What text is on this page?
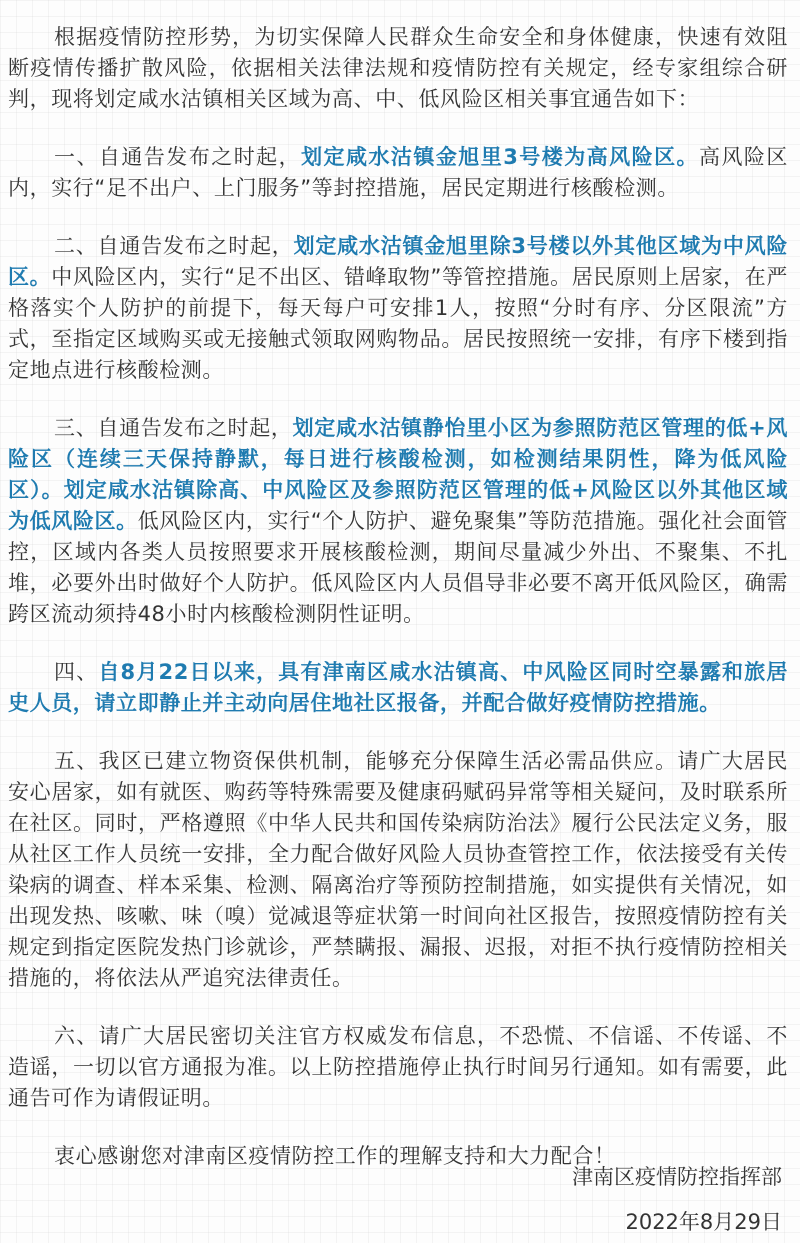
根据疫情防控形势，为切实保障人民群众生命安全和身体健康，快速有效阻断疫情传播扩散风险，依据相关法律法规和疫情防控有关规定，经专家组综合研判，现将划定咸水沽镇相关区域为高、中、低风险区相关事宜通告如下：

一、自通告发布之时起，划定咸水沽镇金旭里3号楼为高风险区。高风险区内，实行“足不出户、上门服务”等封控措施，居民定期进行核酸检测。

二、自通告发布之时起，划定咸水沽镇金旭里除3号楼以外其他区域为中风险区。中风险区内，实行“足不出区、错峰取物”等管控措施。居民原则上居家，在严格落实个人防护的前提下，每天每户可安排1人，按照“分时有序、分区限流”方式，至指定区域购买或无接触式领取网购物品。居民按照统一安排，有序下楼到指定地点进行核酸检测。

三、自通告发布之时起，划定咸水沽镇静怡里小区为参照防范区管理的低+风险区（连续三天保持静默，每日进行核酸检测，如检测结果阴性，降为低风险区）。划定咸水沽镇除高、中风险区及参照防范区管理的低+风险区以外其他区域为低风险区。低风险区内，实行“个人防护、避免聚集”等防范措施。强化社会面管控，区域内各类人员按照要求开展核酸检测，期间尽量减少外出、不聚集、不扎堆，必要外出时做好个人防护。低风险区内人员倡导非必要不离开低风险区，确需跨区流动须持48小时内核酸检测阴性证明。

四、自8月22日以来，具有津南区咸水沽镇高、中风险区同时空暴露和旅居史人员，请立即静止并主动向居住地社区报备，并配合做好疫情防控措施。

五、我区已建立物资保供机制，能够充分保障生活必需品供应。请广大居民安心居家，如有就医、购药等特殊需要及健康码赋码异常等相关疑问，及时联系所在社区。同时，严格遵照《中华人民共和国传染病防治法》履行公民法定义务，服从社区工作人员统一安排，全力配合做好风险人员协查管控工作，依法接受有关传染病的调查、样本采集、检测、隔离治疗等预防控制措施，如实提供有关情况，如出现发热、咳嗽、味（嗅）觉减退等症状第一时间向社区报告，按照疫情防控有关规定到指定医院发热门诊就诊，严禁瞒报、漏报、迟报，对拒不执行疫情防控相关措施的，将依法从严追究法律责任。

六、请广大居民密切关注官方权威发布信息，不恐慌、不信谣、不传谣、不造谣，一切以官方通报为准。以上防控措施停止执行时间另行通知。如有需要，此通告可作为请假证明。

衷心感谢您对津南区疫情防控工作的理解支持和大力配合！

津南区疫情防控指挥部
2022年8月29日
